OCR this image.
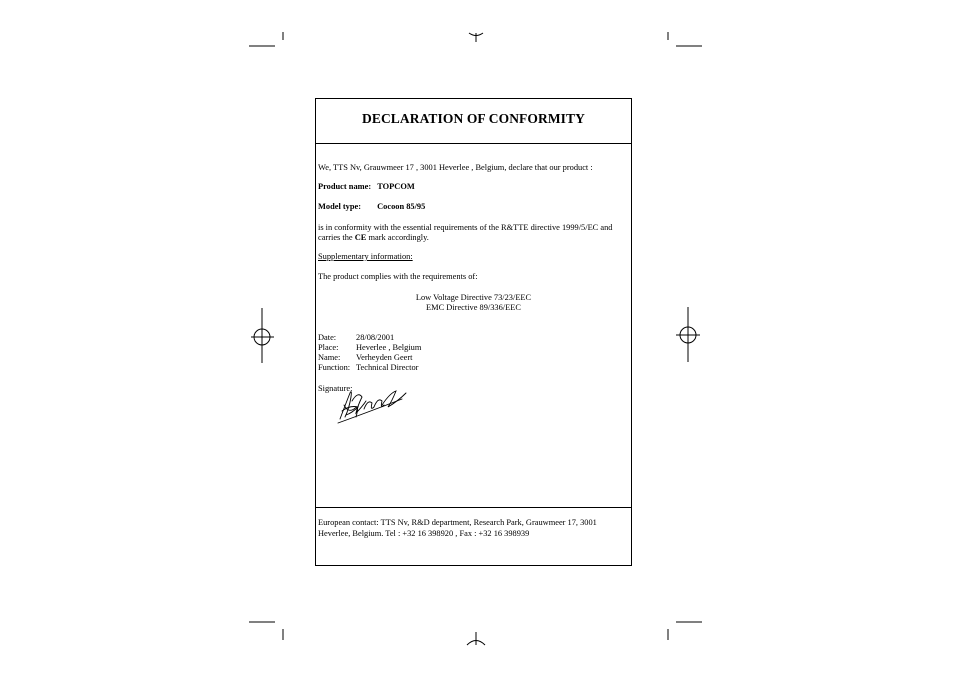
DECLARATION OF CONFORMITY
We, TTS Nv, Grauwmeer 17 , 3001 Heverlee , Belgium, declare that our product :
Product name: TOPCOM
Model type: Cocoon 85/95
is in conformity with the essential requirements of the R&TTE directive 1999/5/EC and
carries the CE mark accordingly.
Supplementary information:
The product complies with the requirements of:
Low Voltage Directive 73/23/EEC
EMC Directive 89/336/EEC
Date: 28/08/2001
Place: Heverlee , Belgium
Name: Verheyden Geert
Function: Technical Director
Signature:
European contact: TTS Nv, R&D department, Research Park, Grauwmeer 17, 3001
Heverlee, Belgium. Tel : +32 16 398920 , Fax : +32 16 398939
